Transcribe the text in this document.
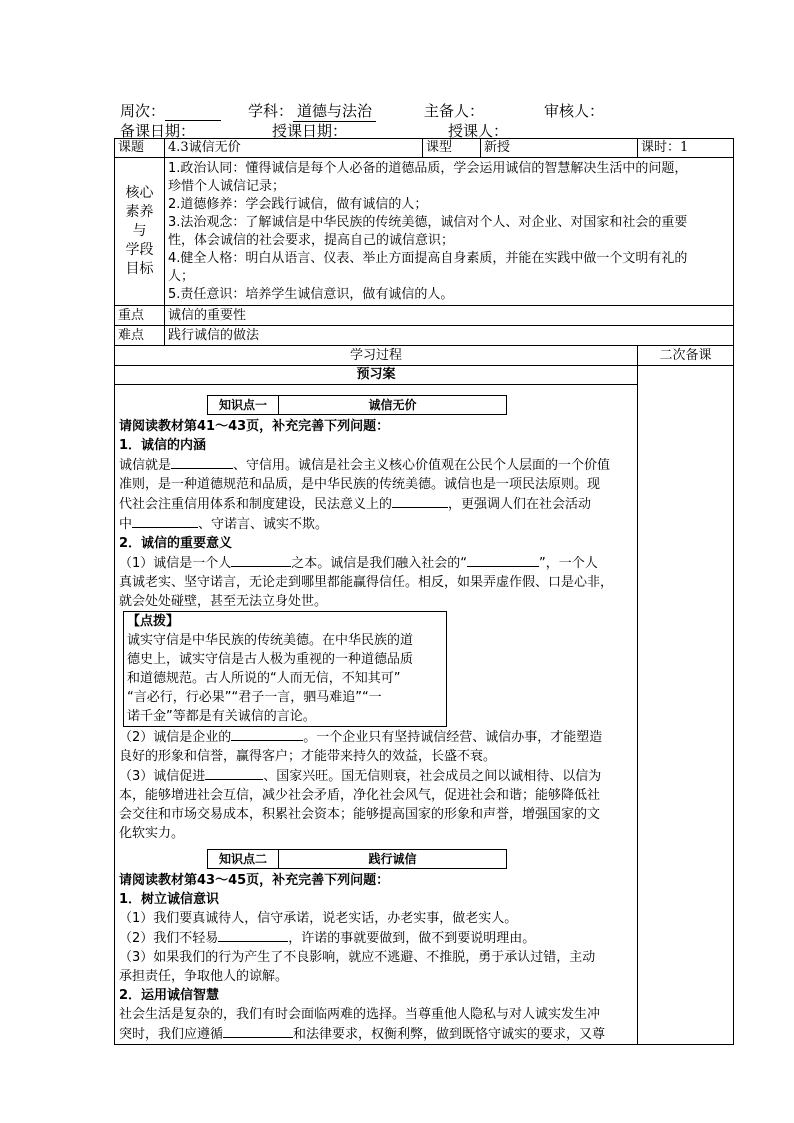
周次：	学科： 道德与法治	主备人：	审核人：
备课日期：	授课日期：	授课人：
课题	4.3诚信无价	课型	新授	课时：1

核心
素养
与
学段
目标

1.政治认同：懂得诚信是每个人必备的道德品质，学会运用诚信的智慧解决生活中的问题，
珍惜个人诚信记录；
2.道德修养：学会践行诚信，做有诚信的人；
3.法治观念：了解诚信是中华民族的传统美德，诚信对个人、对企业、对国家和社会的重要
性，体会诚信的社会要求，提高自己的诚信意识；
4.健全人格：明白从语言、仪表、举止方面提高自身素质，并能在实践中做一个文明有礼的
人；
5.责任意识：培养学生诚信意识，做有诚信的人。

重点	诚信的重要性
难点	践行诚信的做法
学习过程	二次备课
预习案	

知识点一	诚信无价

请阅读教材第41～43页，补充完善下列问题：

1．诚信的内涵

诚信就是	、守信用。诚信是社会主义核心价值观在公民个人层面的一个价值

准则，是一种道德规范和品质，是中华民族的传统美德。诚信也是一项民法原则。现

代社会注重信用体系和制度建设，民法意义上的	，更强调人们在社会活动

中	、守诺言、诚实不欺。

2．诚信的重要意义

（1）诚信是一个人	之本。诚信是我们融入社会的“	”，一个人

真诚老实、坚守诺言，无论走到哪里都能赢得信任。相反，如果弄虚作假、口是心非，

就会处处碰壁，甚至无法立身处世。

【点拨】

诚实守信是中华民族的传统美德。在中华民族的道

德史上，诚实守信是古人极为重视的一种道德品质

和道德规范。古人所说的“人而无信，不知其可”

“言必行，行必果”“君子一言，驷马难追”“一

诺千金”等都是有关诚信的言论。

（2）诚信是企业的	。一个企业只有坚持诚信经营、诚信办事，才能塑造

良好的形象和信誉，赢得客户；才能带来持久的效益，长盛不衰。

（3）诚信促进	、国家兴旺。国无信则衰，社会成员之间以诚相待、以信为

本，能够增进社会互信，减少社会矛盾，净化社会风气，促进社会和谐；能够降低社

会交往和市场交易成本，积累社会资本；能够提高国家的形象和声誉，增强国家的文

化软实力。

知识点二	践行诚信

请阅读教材第43～45页，补充完善下列问题：

1．树立诚信意识

（1）我们要真诚待人，信守承诺，说老实话，办老实事，做老实人。

（2）我们不轻易	，许诺的事就要做到，做不到要说明理由。

（3）如果我们的行为产生了不良影响，就应不逃避、不推脱，勇于承认过错，主动

承担责任，争取他人的谅解。

2．运用诚信智慧

社会生活是复杂的，我们有时会面临两难的选择。当尊重他人隐私与对人诚实发生冲

突时，我们应遵循	和法律要求，权衡利弊，做到既恪守诚实的要求，又尊
